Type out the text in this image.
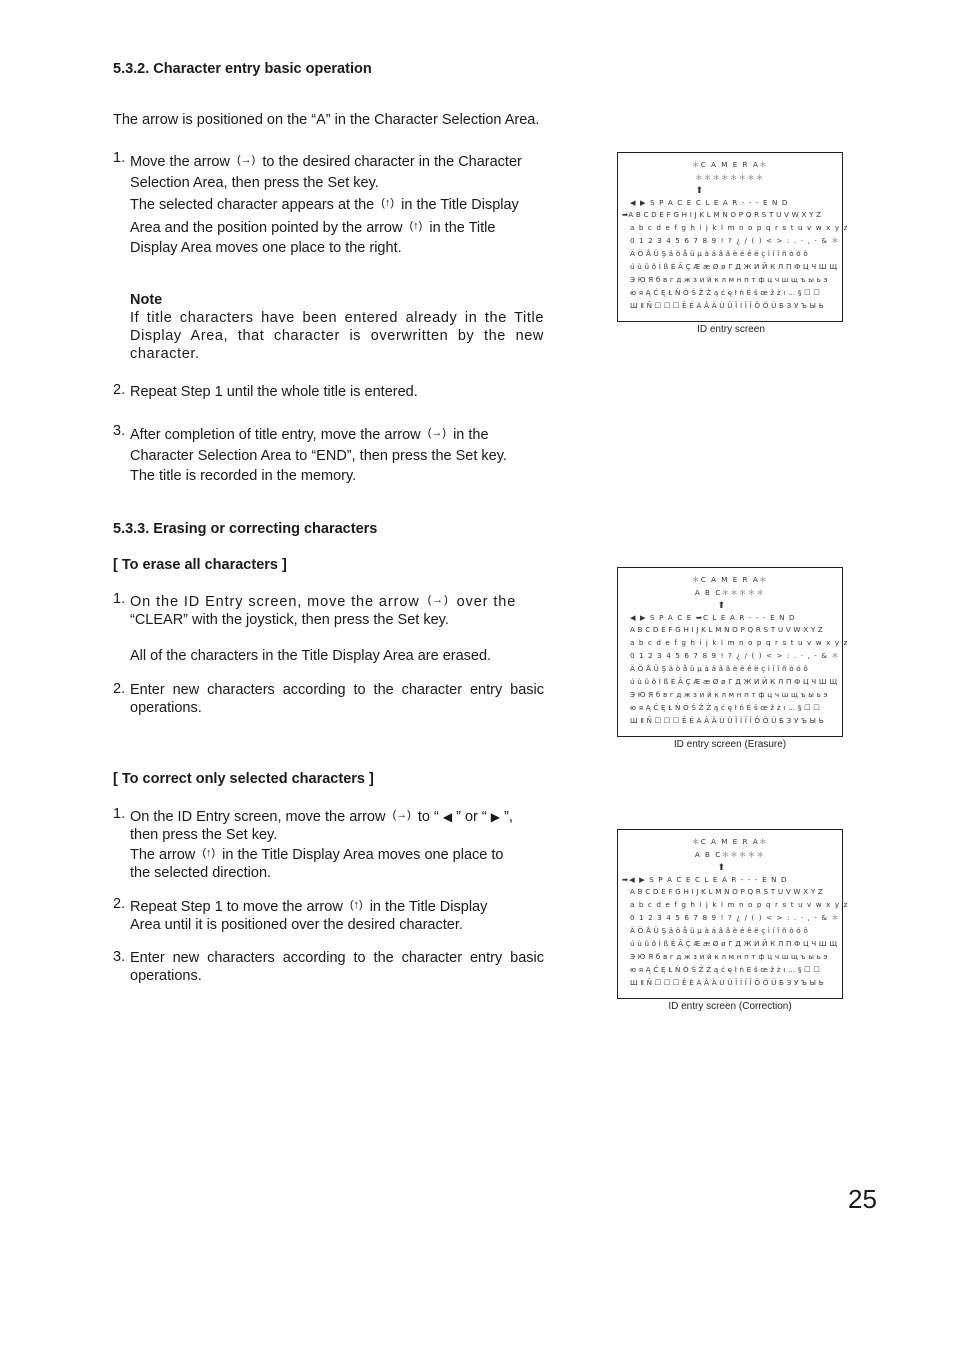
5.3.2. Character entry basic operation
The arrow is positioned on the “A” in the Character Selection Area.
1. Move the arrow (→) to the desired character in the Character
Selection Area, then press the Set key.
The selected character appears at the (↑) in the Title Display
Area and the position pointed by the arrow (↑) in the Title
Display Area moves one place to the right.
Note
If title characters have been entered already in the Title Display Area, that character is overwritten by the new character.
2. Repeat Step 1 until the whole title is entered.
3. After completion of title entry, move the arrow (→) in the
Character Selection Area to “END”, then press the Set key.
The title is recorded in the memory.
5.3.3. Erasing or correcting characters
[ To erase all characters ]
1. On the ID Entry screen, move the arrow (→) over the
“CLEAR” with the joystick, then press the Set key.
All of the characters in the Title Display Area are erased.
2. Enter new characters according to the character entry basic operations.
[ To correct only selected characters ]
1. On the ID Entry screen, move the arrow (→) to “ ◀ ” or “ ▶ ”,
then press the Set key.
The arrow (↑) in the Title Display Area moves one place to
the selected direction.
2. Repeat Step 1 to move the arrow (↑) in the Title Display
Area until it is positioned over the desired character.
3. Enter new characters according to the character entry basic operations.
＊C A M E R A＊
＊＊＊＊＊＊＊＊
⬆
◀ ▶ S P A C E C L E A R - - - E N D
➡A B C D E F G H I J K L M N O P Q R S T U V W X Y Z
a b c d e f g h i j k l m n o p q r s t u v w x y z
0 1 2 3 4 5 6 7 8 9 ! ? ¿ / ( ) < > : . · , - & ＊
Ä Ö Å Ü Ş ä ö å ü µ à á â ã è é ê ë ç ì í î ñ ò ó ô
ú ù û õ İ ß É Ã Ç Æ æ Ø ø Г Д Ж И Й К Л П Ф Ц Ч Ш Щ
Э Ю Я б в г д ж з и й к л м н п т ф ц ч ш щ ъ ы ь э
ю я Ą Ć Ę Ł Ń Ó Ś Ź Ż ą ć ę ł ń É š œ ž ż ı … § ☐ ☐
Ш Ⅱ Ñ ☐ ☐ ☐ Ê É À Â Ä Ù Û Î Ì Ï Î Ô Ö Ü Б З У Ъ Ы Ь
ID entry screen
＊C A M E R A＊
A B C＊＊＊＊＊
⬆
◀ ▶ S P A C E ➡C L E A R - - - E N D
A B C D E F G H I J K L M N O P Q R S T U V W X Y Z
a b c d e f g h i j k l m n o p q r s t u v w x y z
0 1 2 3 4 5 6 7 8 9 ! ? ¿ / ( ) < > : . · , - & ＊
Ä Ö Å Ü Ş ä ö å ü µ à á â ã è é ê ë ç ì í î ñ ò ó ô
ú ù û õ İ ß É Ã Ç Æ æ Ø ø Г Д Ж И Й К Л П Ф Ц Ч Ш Щ
Э Ю Я б в г д ж з и й к л м н п т ф ц ч ш щ ъ ы ь э
ю я Ą Ć Ę Ł Ń Ó Ś Ź Ż ą ć ę ł ń É š œ ž ż ı … § ☐ ☐
Ш Ⅱ Ñ ☐ ☐ ☐ Ê É À Â Ä Ù Û Î Ì Ï Î Ô Ö Ü Б З У Ъ Ы Ь
ID entry screen (Erasure)
＊C A M E R A＊
A B C＊＊＊＊＊
⬆
➡◀ ▶ S P A C E C L E A R - - - E N D
A B C D E F G H I J K L M N O P Q R S T U V W X Y Z
a b c d e f g h i j k l m n o p q r s t u v w x y z
0 1 2 3 4 5 6 7 8 9 ! ? ¿ / ( ) < > : . · , - & ＊
Ä Ö Å Ü Ş ä ö å ü µ à á â ã è é ê ë ç ì í î ñ ò ó ô
ú ù û õ İ ß É Ã Ç Æ æ Ø ø Г Д Ж И Й К Л П Ф Ц Ч Ш Щ
Э Ю Я б в г д ж з и й к л м н п т ф ц ч ш щ ъ ы ь э
ю я Ą Ć Ę Ł Ń Ó Ś Ź Ż ą ć ę ł ń É š œ ž ż ı … § ☐ ☐
Ш Ⅱ Ñ ☐ ☐ ☐ Ê É À Â Ä Ù Û Î Ì Ï Î Ô Ö Ü Б З У Ъ Ы Ь
ID entry screen (Correction)
25
